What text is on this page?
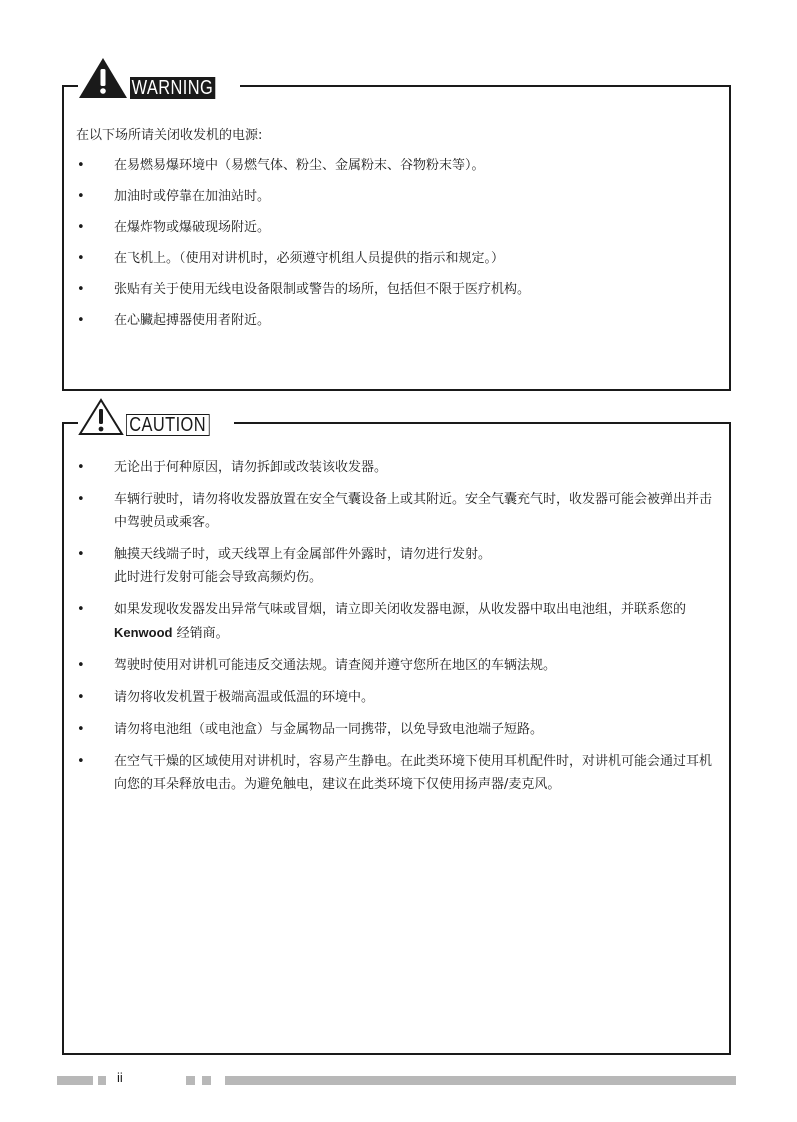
WARNING
在以下场所请关闭收发机的电源:
• 在易燃易爆环境中（易燃气体、粉尘、金属粉末、谷物粉末等）。
• 加油时或停靠在加油站时。
• 在爆炸物或爆破现场附近。
• 在飞机上。（使用对讲机时，必须遵守机组人员提供的指示和规定。）
• 张贴有关于使用无线电设备限制或警告的场所，包括但不限于医疗机构。
• 在心臟起搏器使用者附近。
CAUTION
• 无论出于何种原因，请勿拆卸或改装该收发器。
• 车辆行驶时，请勿将收发器放置在安全气囊设备上或其附近。安全气囊充气时，收发器可能会被弹出并击中驾驶员或乘客。
• 触摸天线端子时，或天线罩上有金属部件外露时，请勿进行发射。
此时进行发射可能会导致高频灼伤。
• 如果发现收发器发出异常气味或冒烟，请立即关闭收发器电源，从收发器中取出电池组，并联系您的 Kenwood 经销商。
• 驾驶时使用对讲机可能违反交通法规。请查阅并遵守您所在地区的车辆法规。
• 请勿将收发机置于极端高温或低温的环境中。
• 请勿将电池组（或电池盒）与金属物品一同携带，以免导致电池端子短路。
• 在空气干燥的区域使用对讲机时，容易产生静电。在此类环境下使用耳机配件时，对讲机可能会通过耳机向您的耳朵释放电击。为避免触电，建议在此类环境下仅使用扬声器/麦克风。
ii
